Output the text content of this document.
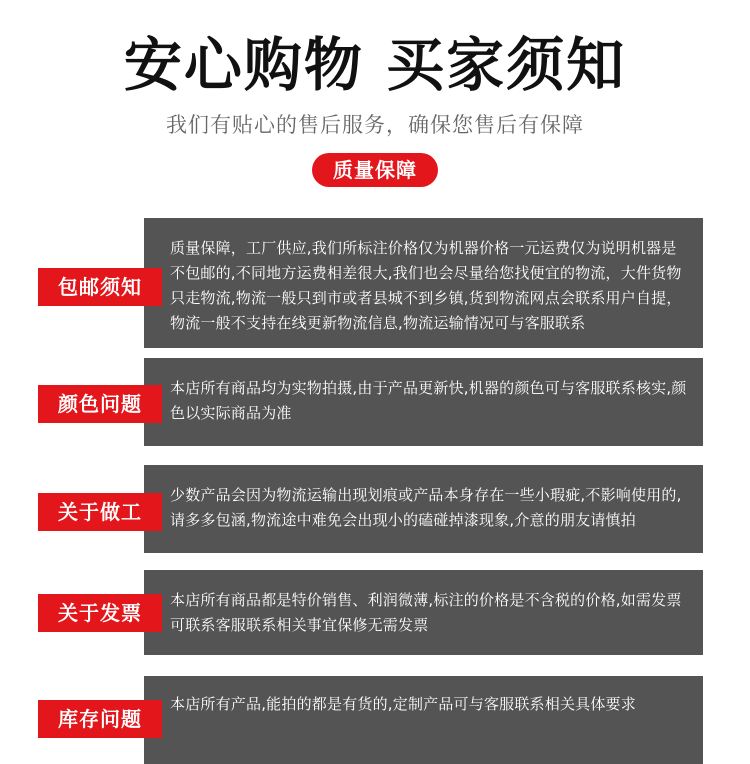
安心购物 买家须知
我们有贴心的售后服务，确保您售后有保障
质量保障
质量保障，工厂供应,我们所标注价格仅为机器价格一元运费仅为说明机器是不包邮的,不同地方运费相差很大,我们也会尽量给您找便宜的物流，大件货物只走物流,物流一般只到市或者县城不到乡镇,货到物流网点会联系用户自提，物流一般不支持在线更新物流信息,物流运输情况可与客服联系
包邮须知
本店所有商品均为实物拍摄,由于产品更新快,机器的颜色可与客服联系核实,颜色以实际商品为准
颜色问题
少数产品会因为物流运输出现划痕或产品本身存在一些小瑕疵,不影响使用的,请多多包涵,物流途中难免会出现小的磕碰掉漆现象,介意的朋友请慎拍
关于做工
本店所有商品都是特价销售、利润微薄,标注的价格是不含税的价格,如需发票可联系客服联系相关事宜保修无需发票
关于发票
本店所有产品,能拍的都是有货的,定制产品可与客服联系相关具体要求
库存问题
